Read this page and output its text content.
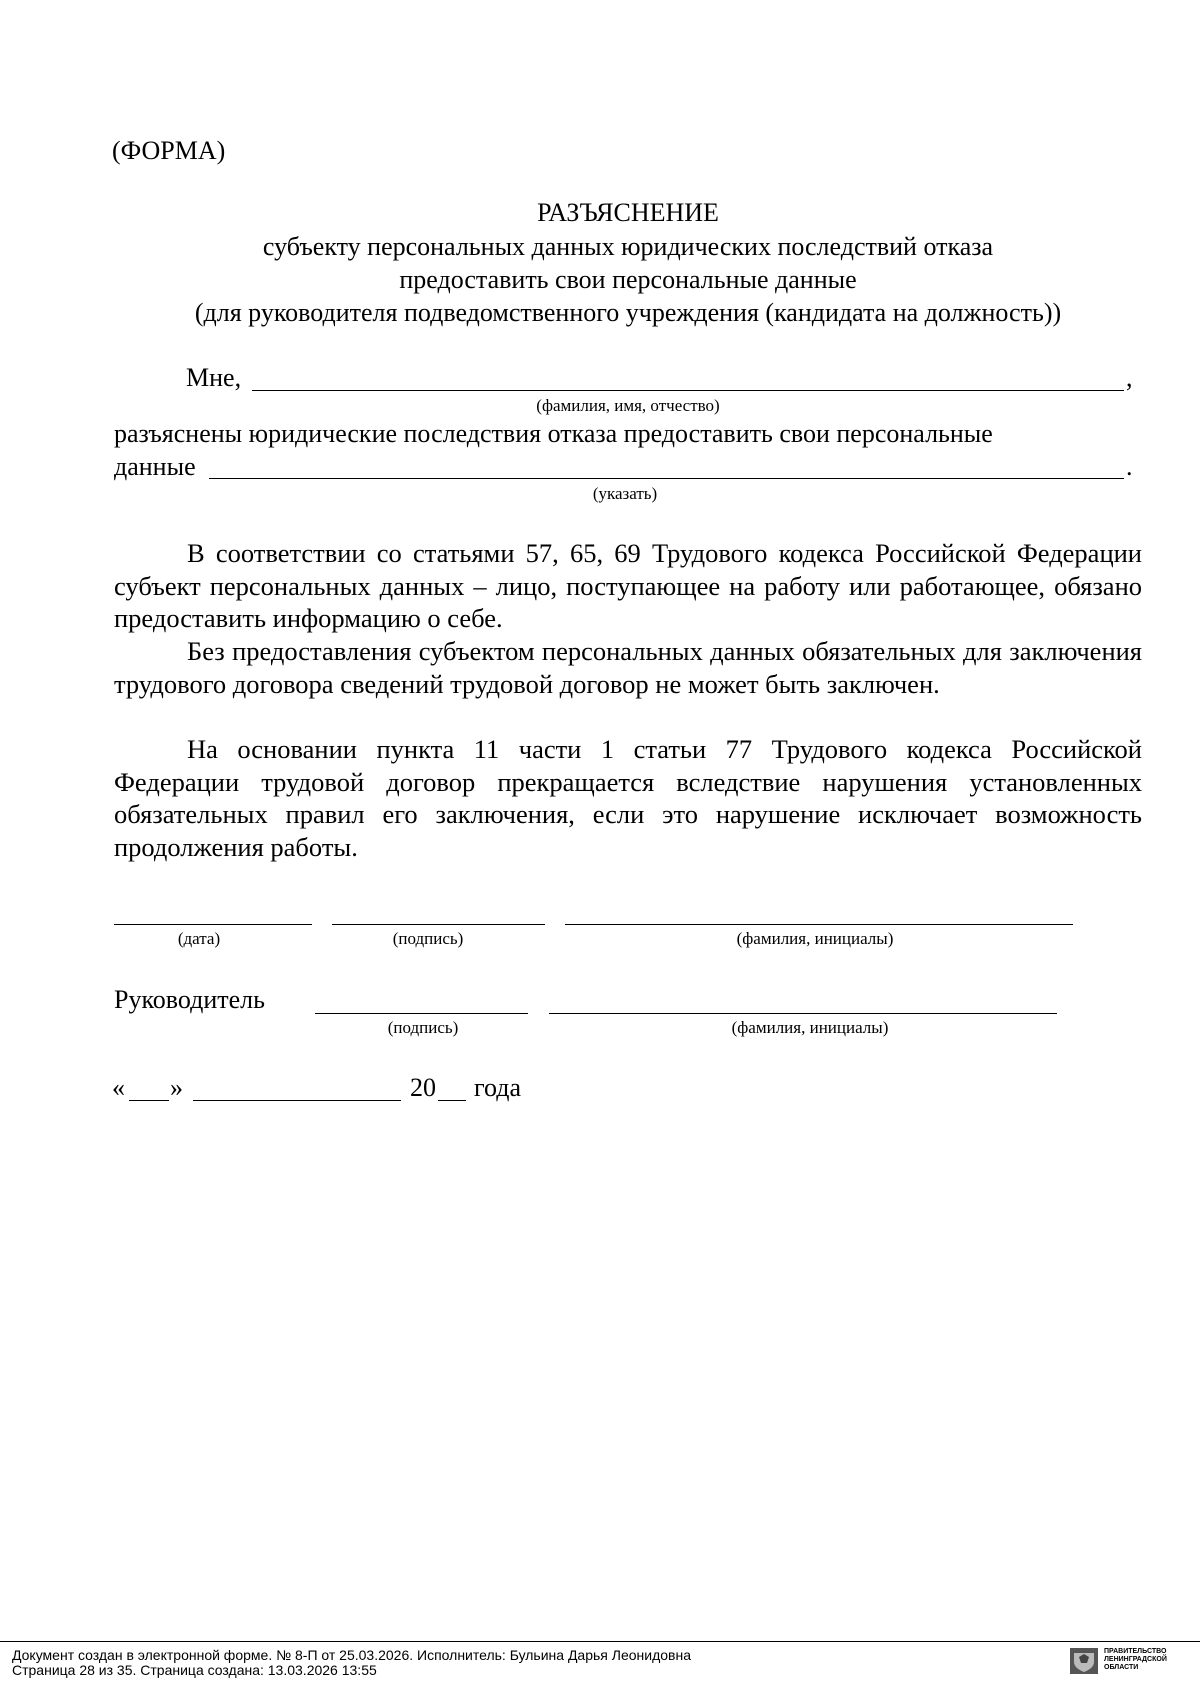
(ФОРМА)
РАЗЪЯСНЕНИЕ
субъекту персональных данных юридических последствий отказа
предоставить свои персональные данные
(для руководителя подведомственного учреждения (кандидата на должность))
Мне,	,
(фамилия, имя, отчество)
разъяснены юридические последствия отказа предоставить свои персональные
данные	.
(указать)
В соответствии со статьями 57, 65, 69 Трудового кодекса Российской Федерации субъект персональных данных – лицо, поступающее на работу или работающее, обязано предоставить информацию о себе.
Без предоставления субъектом персональных данных обязательных для заключения трудового договора сведений трудовой договор не может быть заключен.
На основании пункта 11 части 1 статьи 77 Трудового кодекса Российской Федерации трудовой договор прекращается вследствие нарушения установленных обязательных правил его заключения, если это нарушение исключает возможность продолжения работы.
(дата)	(подпись)	(фамилия, инициалы)
Руководитель
(подпись)	(фамилия, инициалы)
« »	20 года
Документ создан в электронной форме. № 8-П от 25.03.2026. Исполнитель: Бульина Дарья Леонидовна
Страница 28 из 35. Страница создана: 13.03.2026 13:55
ПРАВИТЕЛЬСТВО
ЛЕНИНГРАДСКОЙ
ОБЛАСТИ
